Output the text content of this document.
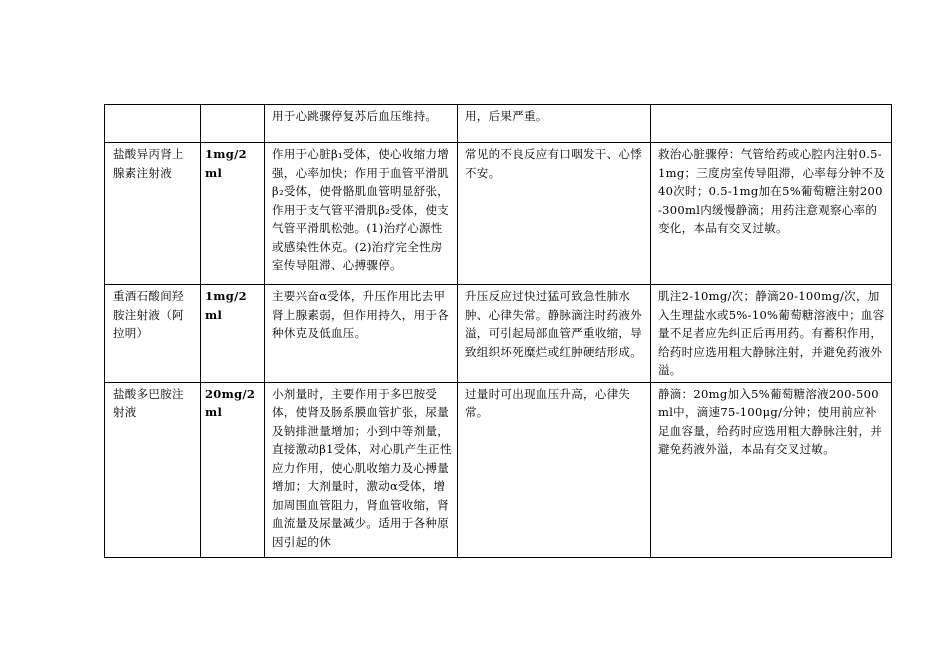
		用于心跳骤停复苏后血压维持。	用，后果严重。	

盐酸异丙肾上腺素注射液	1mg/2ml	作用于心脏β₁受体，使心收缩力增强，心率加快；作用于血管平滑肌β₂受体，使骨骼肌血管明显舒张，作用于支气管平滑肌β₂受体，使支气管平滑肌松弛。(1)治疗心源性或感染性休克。(2)治疗完全性房室传导阻滞、心搏骤停。	常见的不良反应有口咽发干、心悸不安。	救治心脏骤停：气管给药或心腔内注射0.5-1mg；三度房室传导阻滞，心率每分钟不及40次时；0.5-1mg加在5%葡萄糖注射200-300ml内缓慢静滴；用药注意观察心率的变化，本品有交叉过敏。

重酒石酸间羟胺注射液（阿拉明）	1mg/2ml	主要兴奋α受体，升压作用比去甲肾上腺素弱，但作用持久，用于各种休克及低血压。	升压反应过快过猛可致急性肺水肿、心律失常。静脉滴注时药液外溢，可引起局部血管严重收缩，导致组织坏死糜烂或红肿硬结形成。	肌注2-10mg/次；静滴20-100mg/次，加入生理盐水或5%-10%葡萄糖溶液中；血容量不足者应先纠正后再用药。有蓄积作用，给药时应选用粗大静脉注射，并避免药液外溢。

盐酸多巴胺注射液	20mg/2ml	小剂量时，主要作用于多巴胺受体，使肾及肠系膜血管扩张，尿量及钠排泄量增加；小到中等剂量，直接激动β1受体，对心肌产生正性应力作用，使心肌收缩力及心搏量增加；大剂量时，激动α受体，增加周围血管阻力，肾血管收缩，肾血流量及尿量减少。适用于各种原因引起的休	过量时可出现血压升高，心律失常。	静滴：20mg加入5%葡萄糖溶液200-500ml中，滴速75-100μg/分钟；使用前应补足血容量，给药时应选用粗大静脉注射，并避免药液外溢，本品有交叉过敏。
